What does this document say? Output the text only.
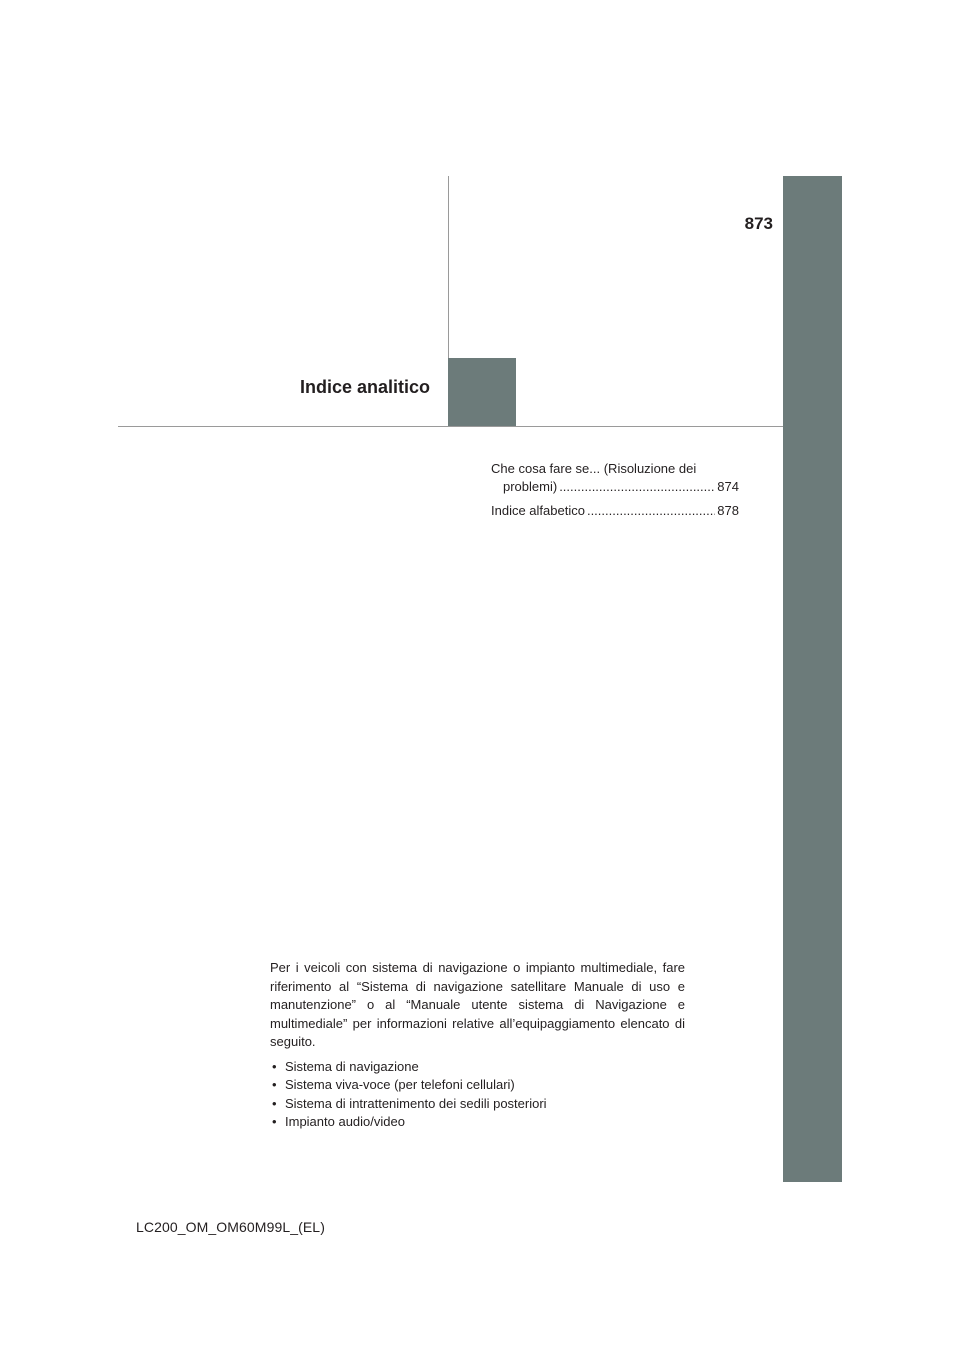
873
Indice analitico
Che cosa fare se... (Risoluzione dei
problemi) .....	874
Indice alfabetico .....	878

Per i veicoli con sistema di navigazione o impianto multimediale, fare riferimento al “Sistema di navigazione satellitare Manuale di uso e manutenzione” o al “Manuale utente sistema di Navigazione e multimediale” per informazioni relative all’equipaggiamento elencato di seguito.

• Sistema di navigazione
• Sistema viva-voce (per telefoni cellulari)
• Sistema di intrattenimento dei sedili posteriori
• Impianto audio/video
LC200_OM_OM60M99L_(EL)
